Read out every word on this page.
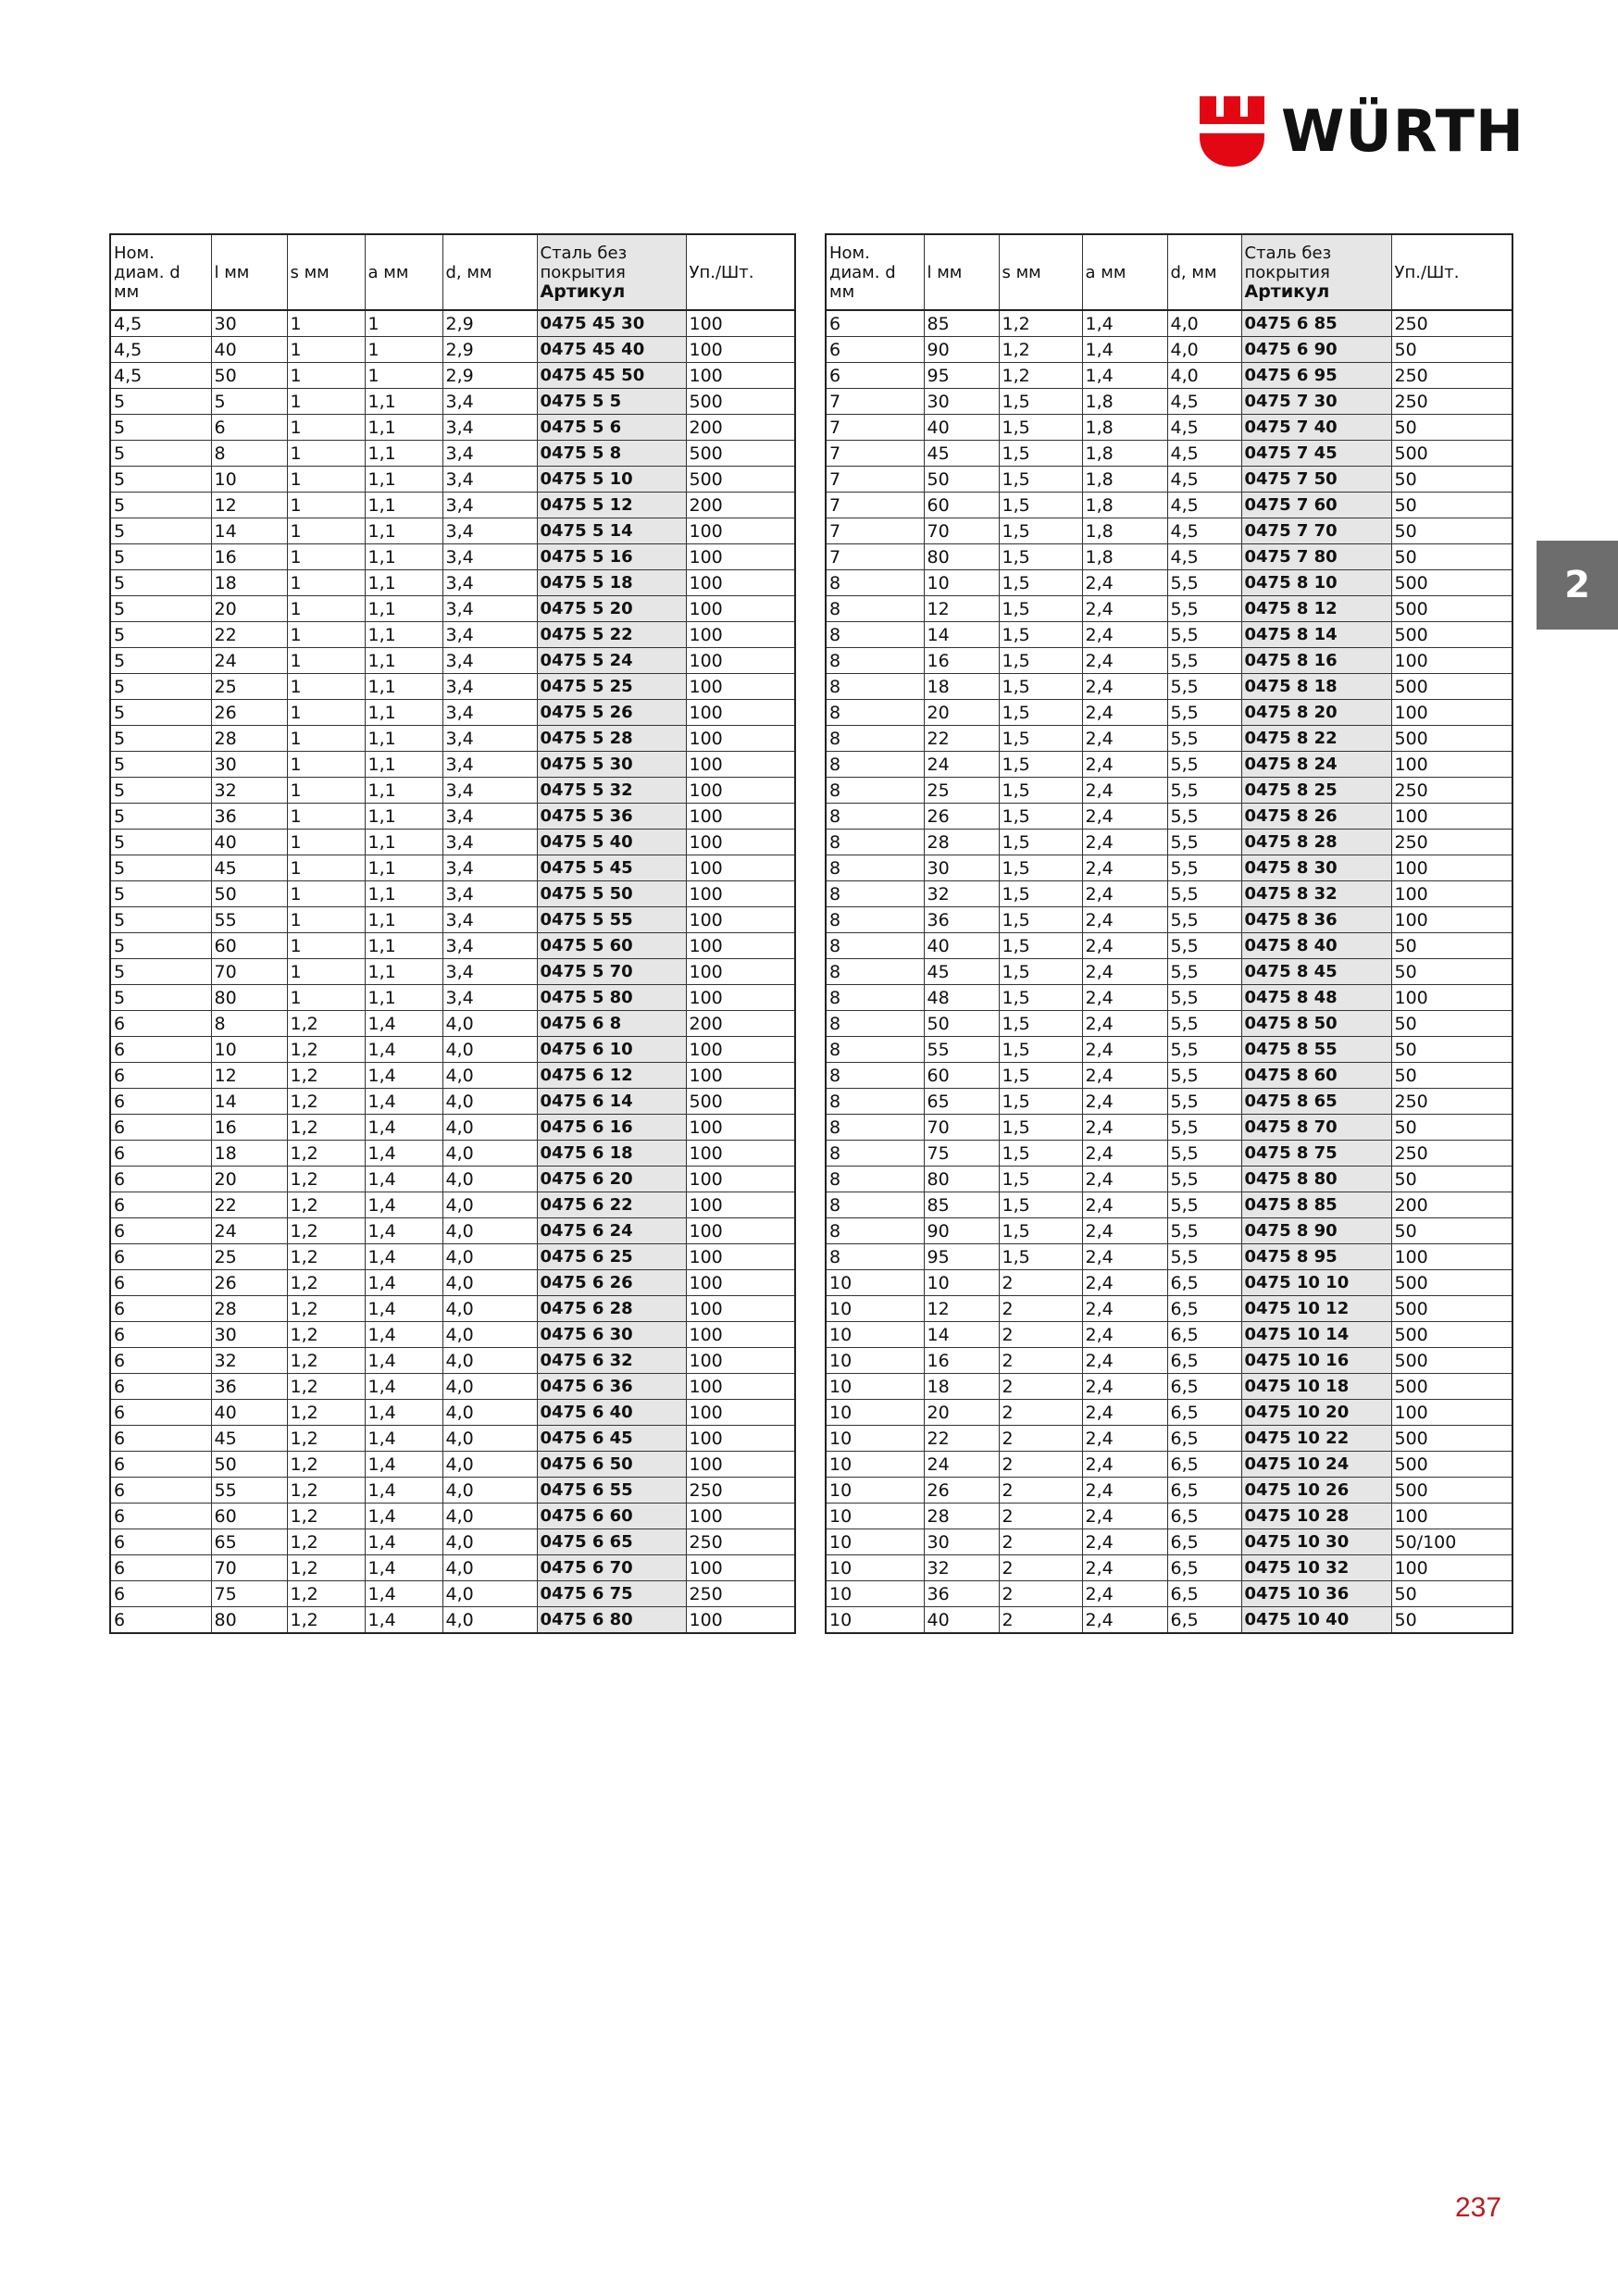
WÜRTH
2
Ном. диам. d мм	l мм	s мм	a мм	d, мм	Сталь без покрытия
Артикул	Уп./Шт.
4,5	30	1	1	2,9	0475 45 30	100
4,5	40	1	1	2,9	0475 45 40	100
4,5	50	1	1	2,9	0475 45 50	100
5	5	1	1,1	3,4	0475 5 5	500
5	6	1	1,1	3,4	0475 5 6	200
5	8	1	1,1	3,4	0475 5 8	500
5	10	1	1,1	3,4	0475 5 10	500
5	12	1	1,1	3,4	0475 5 12	200
5	14	1	1,1	3,4	0475 5 14	100
5	16	1	1,1	3,4	0475 5 16	100
5	18	1	1,1	3,4	0475 5 18	100
5	20	1	1,1	3,4	0475 5 20	100
5	22	1	1,1	3,4	0475 5 22	100
5	24	1	1,1	3,4	0475 5 24	100
5	25	1	1,1	3,4	0475 5 25	100
5	26	1	1,1	3,4	0475 5 26	100
5	28	1	1,1	3,4	0475 5 28	100
5	30	1	1,1	3,4	0475 5 30	100
5	32	1	1,1	3,4	0475 5 32	100
5	36	1	1,1	3,4	0475 5 36	100
5	40	1	1,1	3,4	0475 5 40	100
5	45	1	1,1	3,4	0475 5 45	100
5	50	1	1,1	3,4	0475 5 50	100
5	55	1	1,1	3,4	0475 5 55	100
5	60	1	1,1	3,4	0475 5 60	100
5	70	1	1,1	3,4	0475 5 70	100
5	80	1	1,1	3,4	0475 5 80	100
6	8	1,2	1,4	4,0	0475 6 8	200
6	10	1,2	1,4	4,0	0475 6 10	100
6	12	1,2	1,4	4,0	0475 6 12	100
6	14	1,2	1,4	4,0	0475 6 14	500
6	16	1,2	1,4	4,0	0475 6 16	100
6	18	1,2	1,4	4,0	0475 6 18	100
6	20	1,2	1,4	4,0	0475 6 20	100
6	22	1,2	1,4	4,0	0475 6 22	100
6	24	1,2	1,4	4,0	0475 6 24	100
6	25	1,2	1,4	4,0	0475 6 25	100
6	26	1,2	1,4	4,0	0475 6 26	100
6	28	1,2	1,4	4,0	0475 6 28	100
6	30	1,2	1,4	4,0	0475 6 30	100
6	32	1,2	1,4	4,0	0475 6 32	100
6	36	1,2	1,4	4,0	0475 6 36	100
6	40	1,2	1,4	4,0	0475 6 40	100
6	45	1,2	1,4	4,0	0475 6 45	100
6	50	1,2	1,4	4,0	0475 6 50	100
6	55	1,2	1,4	4,0	0475 6 55	250
6	60	1,2	1,4	4,0	0475 6 60	100
6	65	1,2	1,4	4,0	0475 6 65	250
6	70	1,2	1,4	4,0	0475 6 70	100
6	75	1,2	1,4	4,0	0475 6 75	250
6	80	1,2	1,4	4,0	0475 6 80	100
Ном. диам. d мм	l мм	s мм	a мм	d, мм	Сталь без покрытия
Артикул	Уп./Шт.
6	85	1,2	1,4	4,0	0475 6 85	250
6	90	1,2	1,4	4,0	0475 6 90	50
6	95	1,2	1,4	4,0	0475 6 95	250
7	30	1,5	1,8	4,5	0475 7 30	250
7	40	1,5	1,8	4,5	0475 7 40	50
7	45	1,5	1,8	4,5	0475 7 45	500
7	50	1,5	1,8	4,5	0475 7 50	50
7	60	1,5	1,8	4,5	0475 7 60	50
7	70	1,5	1,8	4,5	0475 7 70	50
7	80	1,5	1,8	4,5	0475 7 80	50
8	10	1,5	2,4	5,5	0475 8 10	500
8	12	1,5	2,4	5,5	0475 8 12	500
8	14	1,5	2,4	5,5	0475 8 14	500
8	16	1,5	2,4	5,5	0475 8 16	100
8	18	1,5	2,4	5,5	0475 8 18	500
8	20	1,5	2,4	5,5	0475 8 20	100
8	22	1,5	2,4	5,5	0475 8 22	500
8	24	1,5	2,4	5,5	0475 8 24	100
8	25	1,5	2,4	5,5	0475 8 25	250
8	26	1,5	2,4	5,5	0475 8 26	100
8	28	1,5	2,4	5,5	0475 8 28	250
8	30	1,5	2,4	5,5	0475 8 30	100
8	32	1,5	2,4	5,5	0475 8 32	100
8	36	1,5	2,4	5,5	0475 8 36	100
8	40	1,5	2,4	5,5	0475 8 40	50
8	45	1,5	2,4	5,5	0475 8 45	50
8	48	1,5	2,4	5,5	0475 8 48	100
8	50	1,5	2,4	5,5	0475 8 50	50
8	55	1,5	2,4	5,5	0475 8 55	50
8	60	1,5	2,4	5,5	0475 8 60	50
8	65	1,5	2,4	5,5	0475 8 65	250
8	70	1,5	2,4	5,5	0475 8 70	50
8	75	1,5	2,4	5,5	0475 8 75	250
8	80	1,5	2,4	5,5	0475 8 80	50
8	85	1,5	2,4	5,5	0475 8 85	200
8	90	1,5	2,4	5,5	0475 8 90	50
8	95	1,5	2,4	5,5	0475 8 95	100
10	10	2	2,4	6,5	0475 10 10	500
10	12	2	2,4	6,5	0475 10 12	500
10	14	2	2,4	6,5	0475 10 14	500
10	16	2	2,4	6,5	0475 10 16	500
10	18	2	2,4	6,5	0475 10 18	500
10	20	2	2,4	6,5	0475 10 20	100
10	22	2	2,4	6,5	0475 10 22	500
10	24	2	2,4	6,5	0475 10 24	500
10	26	2	2,4	6,5	0475 10 26	500
10	28	2	2,4	6,5	0475 10 28	100
10	30	2	2,4	6,5	0475 10 30	50/100
10	32	2	2,4	6,5	0475 10 32	100
10	36	2	2,4	6,5	0475 10 36	50
10	40	2	2,4	6,5	0475 10 40	50
237
